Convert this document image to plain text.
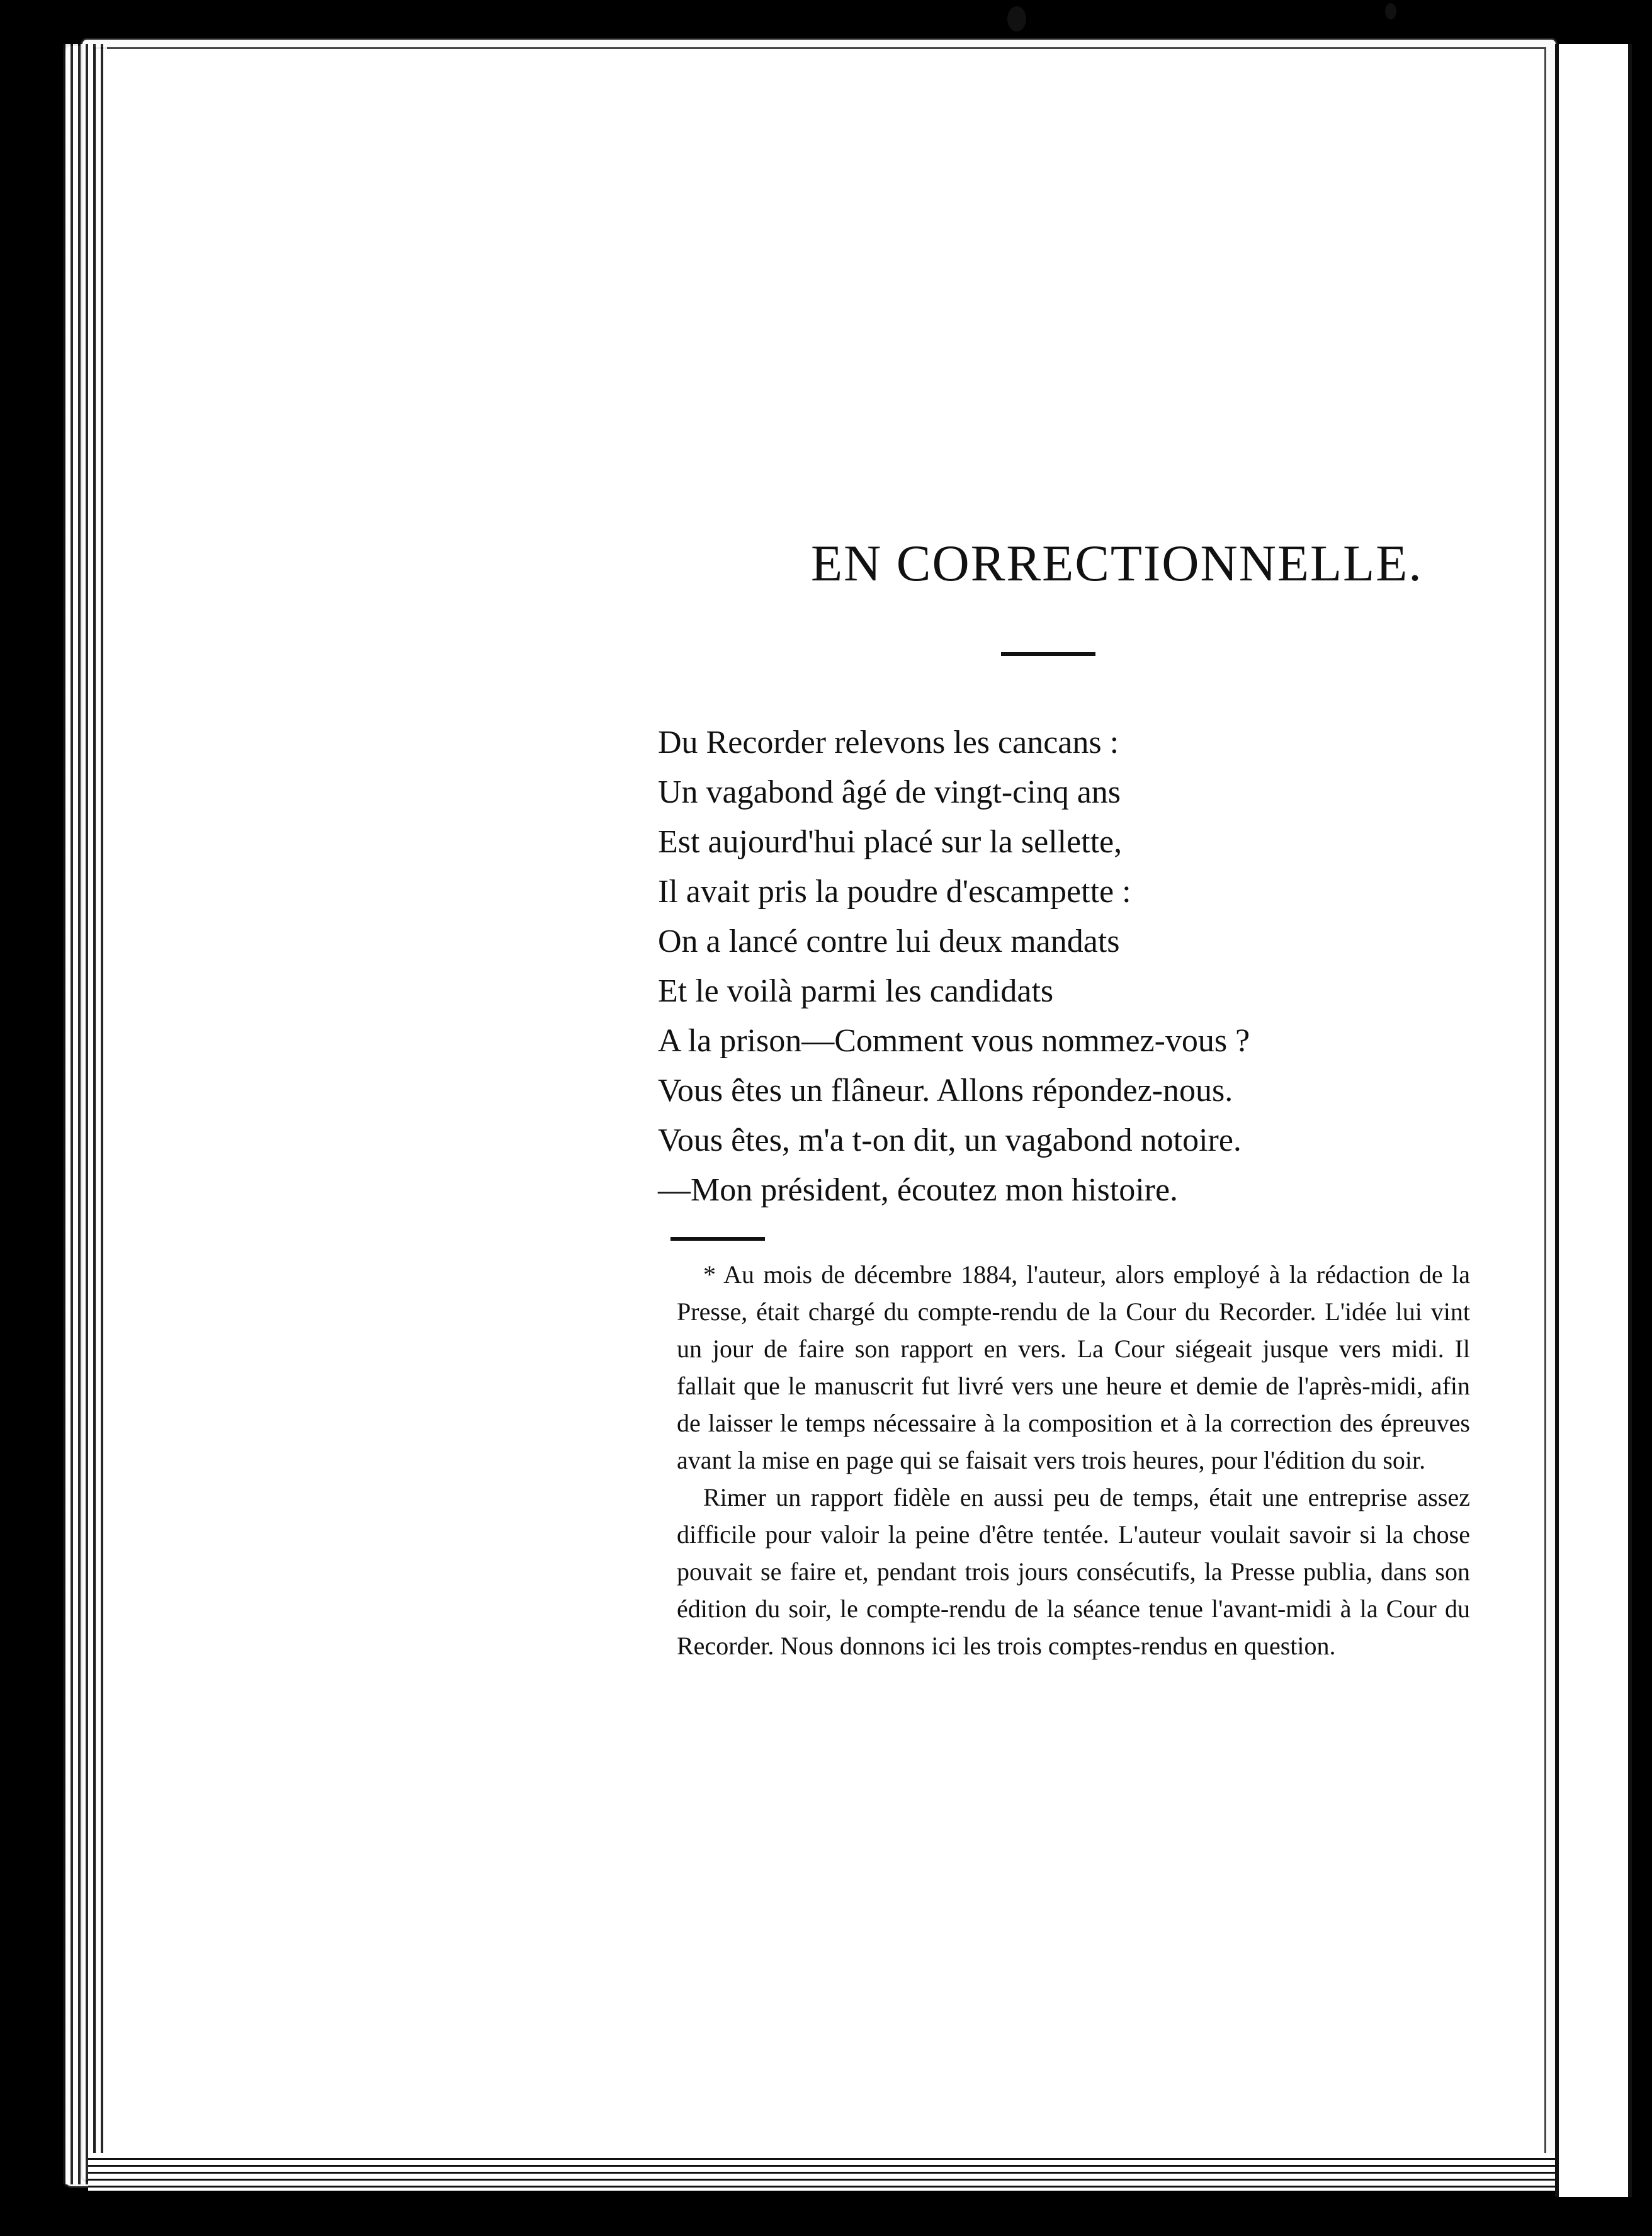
EN CORRECTIONNELLE.
Du Recorder relevons les cancans :
Un vagabond âgé de vingt-cinq ans
Est aujourd'hui placé sur la sellette,
Il avait pris la poudre d'escampette :
On a lancé contre lui deux mandats
Et le voilà parmi les candidats
A la prison—Comment vous nommez-vous ?
Vous êtes un flâneur. Allons répondez-nous.
Vous êtes, m'a t-on dit, un vagabond notoire.
—Mon président, écoutez mon histoire.

* Au mois de décembre 1884, l'auteur, alors employé à la rédaction de la Presse, était chargé du compte-rendu de la Cour du Recorder. L'idée lui vint un jour de faire son rapport en vers. La Cour siégeait jusque vers midi. Il fallait que le manuscrit fut livré vers une heure et demie de l'après-midi, afin de laisser le temps nécessaire à la composition et à la correction des épreuves avant la mise en page qui se faisait vers trois heures, pour l'édition du soir.

Rimer un rapport fidèle en aussi peu de temps, était une entreprise assez difficile pour valoir la peine d'être tentée. L'auteur voulait savoir si la chose pouvait se faire et, pendant trois jours consécutifs, la Presse publia, dans son édition du soir, le compte-rendu de la séance tenue l'avant-midi à la Cour du Recorder. Nous donnons ici les trois comptes-rendus en question.
